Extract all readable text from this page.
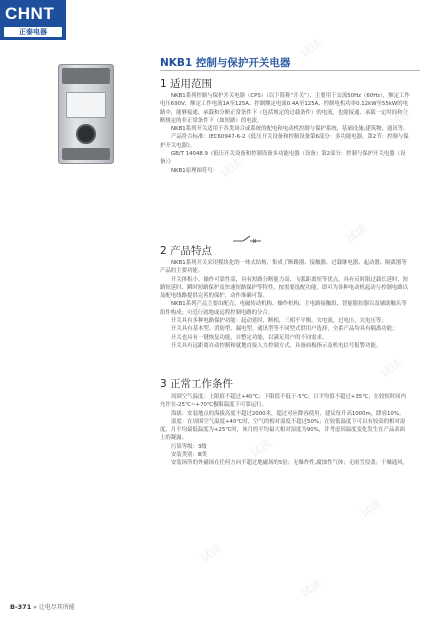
CHNT
正泰电器
NKB1 控制与保护开关电器
1 适用范围

NKB1系列控制与保护开关电器（CPS）（以下简称“开关”），主要用于交流50Hz（60Hz），额定工作电压690V、额定工作电流1A至125A、控制额定电流0.4A至125A、控制电机功率0.12kW至55kW的电路中，能够接通、承载和分断正常条件下（包括规定的过载条件）的电流，也能接通、承载一定时间和分断规定的非正常条件下（如短路）的电流。

NKB1系列开关适用于各类场合或系统的配电和电动机控制与保护系统，基础设施,建筑物，通讯等。

产品符合标准：IEC60947-6-2《低压开关设备和控制设备第6部分：多功能电器，第2节：控制与保护开关电器》。

GB/T 14048.9《低压开关设备和控制设备多功能电器（设备）第2部分：控制与保护开关电器（设备）》

NKB1原理图符号：

2 产品特点

NKB1系列开关采用模块化的一体式结构，集成了断路器、接触器、过载继电器、起动器、隔离器等产品的主要功能。

开关体积小、操作可靠性高，具有短路分断能力高、飞弧距离短等优点，具有反时限过载长延时、短路短延时、瞬时短路保护及快速短路保护等特性，按需要选配功能，即可为各种电动机起动与控制电路以及配电线路提供完善的保护，动作准确可靠。

NKB1系列产品主要由配壳、电磁传动机构、操作机构、主电路接触组、智能脱扣器以及辅助触头等组件构成；可进行就地或远程控制电路的分合。

开关具有多种电路保护功能：起动延时，断相，三相不平衡，欠电流，过电压，欠电压等；

开关具有基本型、消防型、漏电型、通讯型等不同型式供用户选择，全系产品均具有隔离功能；

开关也具有一键恢复功能，自整定功能，以满足用户的不同需求。

开关具有远距离自动控制和就地直接人力控制方式，具备面板指示及机电信号报警功能。

3 正常工作条件

周围空气温度：上限值不超过+40℃；下限值不低于-5℃；日平均值不超过+35℃；在较短时间内允许在-25℃~+70℃极限温度下可靠运行。

海拔：安装地点的海拔高度不超过2000米，超过对应降容使用，建议每升高1000m，降容10%。

湿度：在周围空气温度+40℃时，空气的相对湿度不超过50%；在较低温度下可以有较高的相对湿度，月平均最低温度为+25℃时，该月的平均最大相对湿度为90%，并考虑因温度变化发生在产品表面上的凝露。

污染等级：3级

安装类别：Ⅲ类

安装场所的外磁场在任何方向不超过地磁场的5倍；无爆炸性,腐蚀性气体；无雨雪侵袭；干燥通风。

试读
试读
试读
试读
试读
试读
试读
试读
试读
试读
B-371 » 让电尽其所能
